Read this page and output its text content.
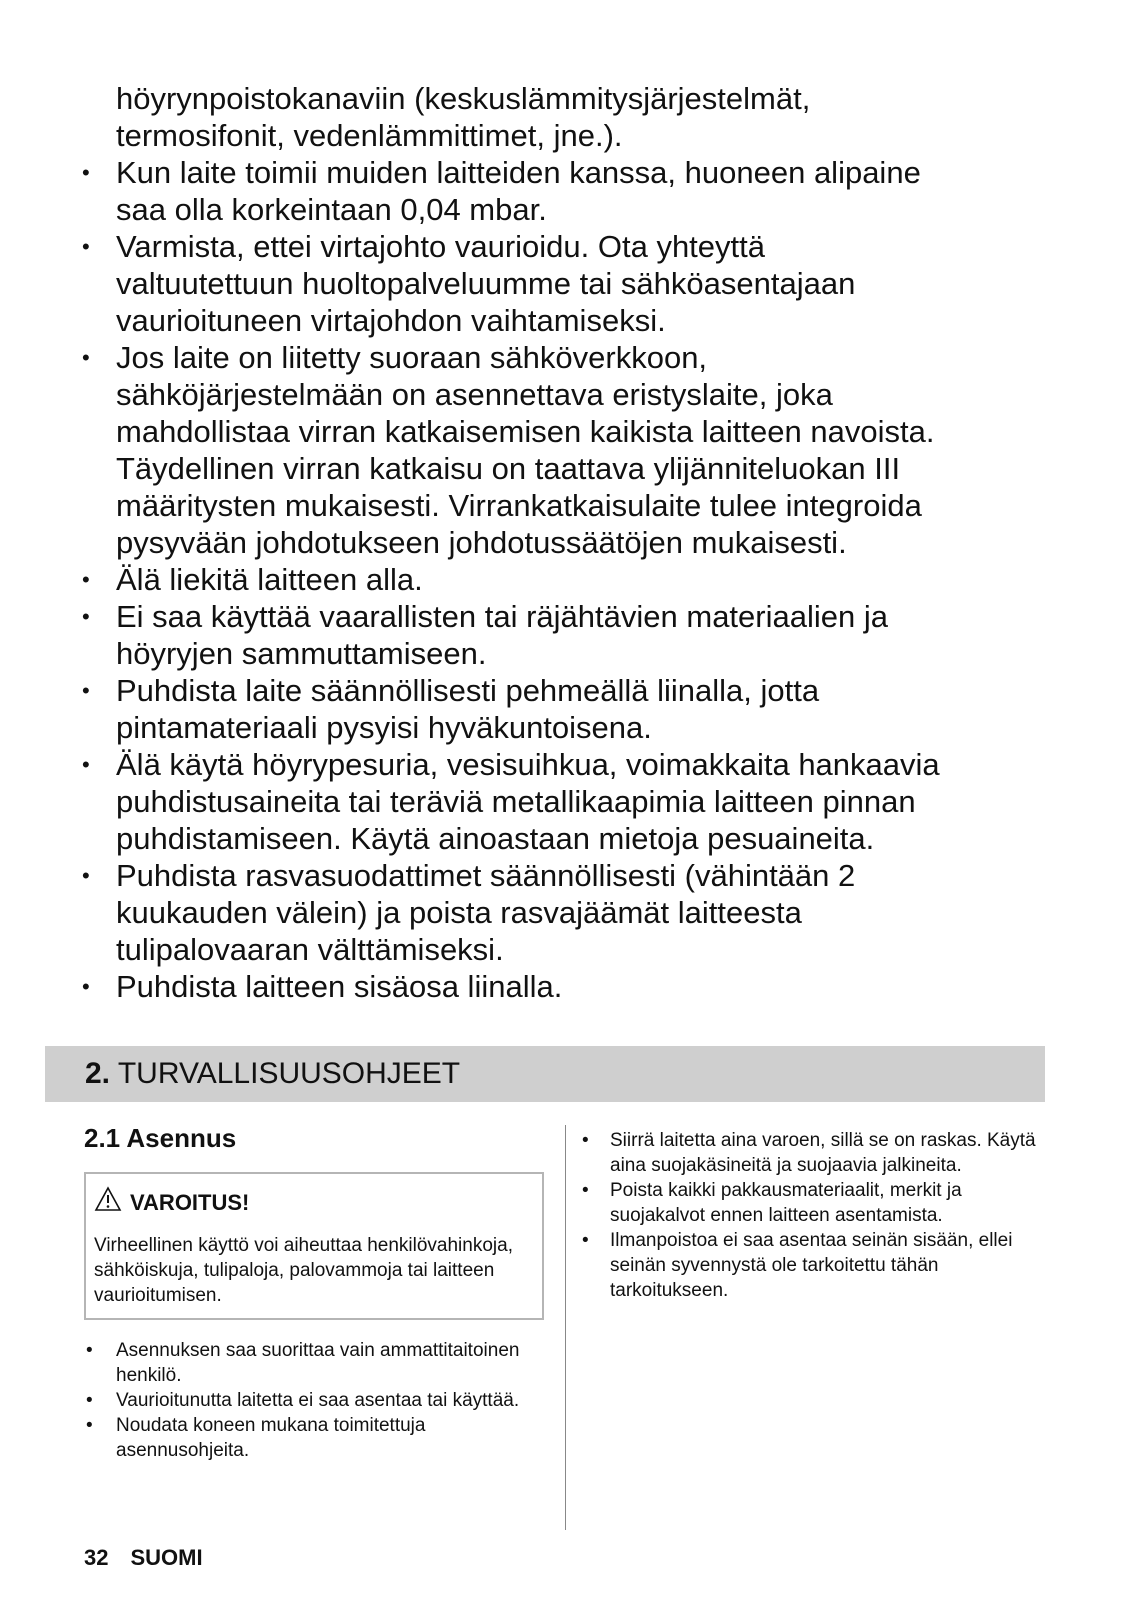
höyrynpoistokanaviin (keskuslämmitysjärjestelmät,

termosifonit, vedenlämmittimet, jne.).

• Kun laite toimii muiden laitteiden kanssa, huoneen alipaine

saa olla korkeintaan 0,04 mbar.

• Varmista, ettei virtajohto vaurioidu. Ota yhteyttä

valtuutettuun huoltopalveluumme tai sähköasentajaan

vaurioituneen virtajohdon vaihtamiseksi.

• Jos laite on liitetty suoraan sähköverkkoon,

sähköjärjestelmään on asennettava eristyslaite, joka

mahdollistaa virran katkaisemisen kaikista laitteen navoista.

Täydellinen virran katkaisu on taattava ylijänniteluokan III

määritysten mukaisesti. Virrankatkaisulaite tulee integroida

pysyvään johdotukseen johdotussäätöjen mukaisesti.

• Älä liekitä laitteen alla.

• Ei saa käyttää vaarallisten tai räjähtävien materiaalien ja

höyryjen sammuttamiseen.

• Puhdista laite säännöllisesti pehmeällä liinalla, jotta

pintamateriaali pysyisi hyväkuntoisena.

• Älä käytä höyrypesuria, vesisuihkua, voimakkaita hankaavia

puhdistusaineita tai teräviä metallikaapimia laitteen pinnan

puhdistamiseen. Käytä ainoastaan mietoja pesuaineita.

• Puhdista rasvasuodattimet säännöllisesti (vähintään 2

kuukauden välein) ja poista rasvajäämät laitteesta

tulipalovaaran välttämiseksi.

• Puhdista laitteen sisäosa liinalla.

2. TURVALLISUUSOHJEET
2.1 Asennus
VAROITUS!
Virheellinen käyttö voi aiheuttaa henkilövahinkoja, sähköiskuja, tulipaloja, palovammoja tai laitteen vaurioitumisen.
• Asennuksen saa suorittaa vain ammattitaitoinen henkilö.
• Vaurioitunutta laitetta ei saa asentaa tai käyttää.
• Noudata koneen mukana toimitettuja asennusohjeita.
• Siirrä laitetta aina varoen, sillä se on raskas. Käytä aina suojakäsineitä ja suojaavia jalkineita.
• Poista kaikki pakkausmateriaalit, merkit ja suojakalvot ennen laitteen asentamista.
• Ilmanpoistoa ei saa asentaa seinän sisään, ellei seinän syvennystä ole tarkoitettu tähän tarkoitukseen.
32 SUOMI
